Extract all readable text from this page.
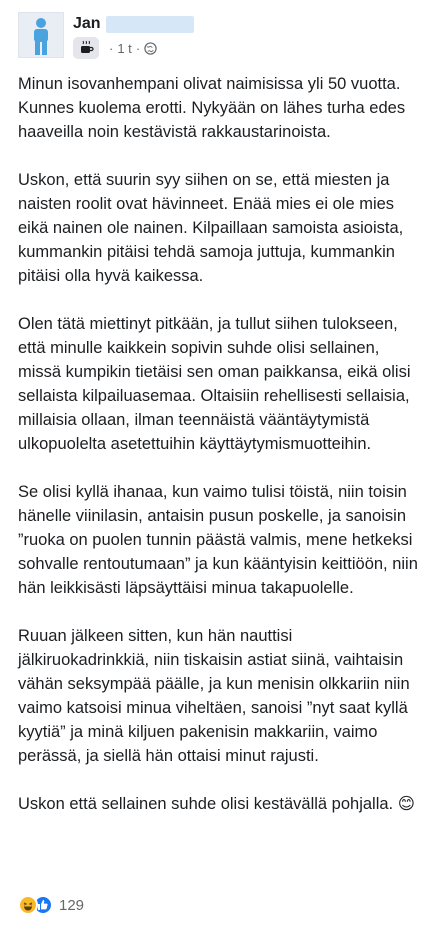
Jan
· 1 t ·

Minun isovanhempani olivat naimisissa yli 50 vuotta. Kunnes kuolema erotti. Nykyään on lähes turha edes haaveilla noin kestävistä rakkaustarinoista.

Uskon, että suurin syy siihen on se, että miesten ja naisten roolit ovat hävinneet. Enää mies ei ole mies eikä nainen ole nainen. Kilpaillaan samoista asioista, kummankin pitäisi tehdä samoja juttuja, kummankin pitäisi olla hyvä kaikessa.

Olen tätä miettinyt pitkään, ja tullut siihen tulokseen, että minulle kaikkein sopivin suhde olisi sellainen, missä kumpikin tietäisi sen oman paikkansa, eikä olisi sellaista kilpailuasemaa. Oltaisiin rehellisesti sellaisia, millaisia ollaan, ilman teennäistä vääntäytymistä ulkopuolelta asetettuihin käyttäytymismuotteihin.

Se olisi kyllä ihanaa, kun vaimo tulisi töistä, niin toisin hänelle viinilasin, antaisin pusun poskelle, ja sanoisin ”ruoka on puolen tunnin päästä valmis, mene hetkeksi sohvalle rentoutumaan” ja kun kääntyisin keittiöön, niin hän leikkisästi läpsäyttäisi minua takapuolelle.

Ruuan jälkeen sitten, kun hän nauttisi jälkiruokadrinkkiä, niin tiskaisin astiat siinä, vaihtaisin vähän seksympää päälle, ja kun menisin olkkariin niin vaimo katsoisi minua viheltäen, sanoisi ”nyt saat kyllä kyytiä” ja minä kiljuen pakenisin makkariin, vaimo perässä, ja siellä hän ottaisi minut rajusti.

Uskon että sellainen suhde olisi kestävällä pohjalla. 😊

129
